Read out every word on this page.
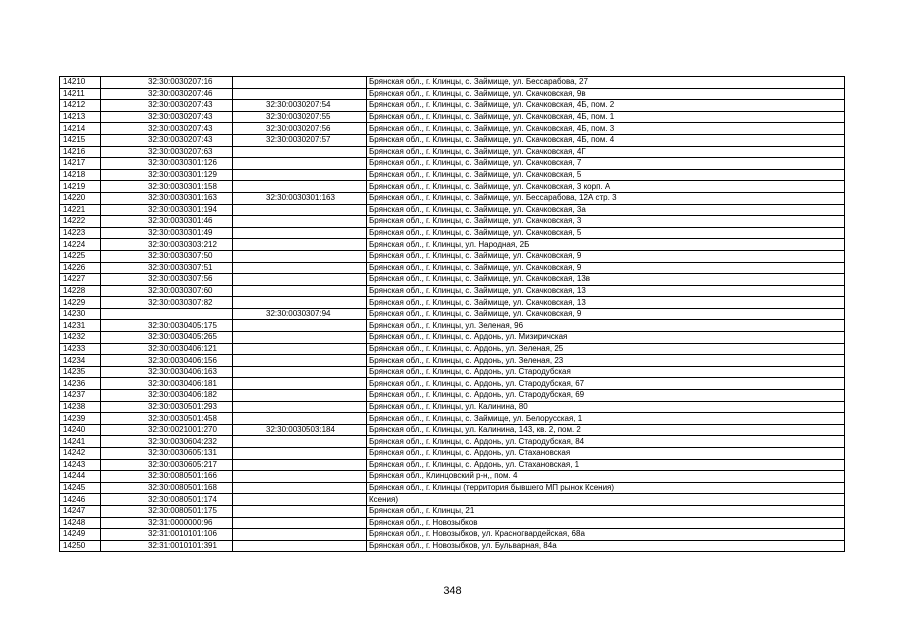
14210	32:30:0030207:16		Брянская обл., г. Клинцы, с. Займище, ул. Бессарабова, 27
14211	32:30:0030207:46		Брянская обл., г. Клинцы, с. Займище, ул. Скачковская, 9в
14212	32:30:0030207:43	32:30:0030207:54	Брянская обл., г. Клинцы, с. Займище, ул. Скачковская, 4Б, пом. 2
14213	32:30:0030207:43	32:30:0030207:55	Брянская обл., г. Клинцы, с. Займище, ул. Скачковская, 4Б, пом. 1
14214	32:30:0030207:43	32:30:0030207:56	Брянская обл., г. Клинцы, с. Займище, ул. Скачковская, 4Б, пом. 3
14215	32:30:0030207:43	32:30:0030207:57	Брянская обл., г. Клинцы, с. Займище, ул. Скачковская, 4Б, пом. 4
14216	32:30:0030207:63		Брянская обл., г. Клинцы, с. Займище, ул. Скачковская, 4Г
14217	32:30:0030301:126		Брянская обл., г. Клинцы, с. Займище, ул. Скачковская, 7
14218	32:30:0030301:129		Брянская обл., г. Клинцы, с. Займище, ул. Скачковская, 5
14219	32:30:0030301:158		Брянская обл., г. Клинцы, с. Займище, ул. Скачковская, 3 корп. А
14220	32:30:0030301:163	32:30:0030301:163	Брянская обл., г. Клинцы, с. Займище, ул. Бессарабова, 12А стр. 3
14221	32:30:0030301:194		Брянская обл., г. Клинцы, с. Займище, ул. Скачковская, 3а
14222	32:30:0030301:46		Брянская обл., г. Клинцы, с. Займище, ул. Скачковская, 3
14223	32:30:0030301:49		Брянская обл., г. Клинцы, с. Займище, ул. Скачковская, 5
14224	32:30:0030303:212		Брянская обл., г. Клинцы, ул. Народная, 2Б
14225	32:30:0030307:50		Брянская обл., г. Клинцы, с. Займище, ул. Скачковская, 9
14226	32:30:0030307:51		Брянская обл., г. Клинцы, с. Займище, ул. Скачковская, 9
14227	32:30:0030307:56		Брянская обл., г. Клинцы, с. Займище, ул. Скачковская, 13в
14228	32:30:0030307:60		Брянская обл., г. Клинцы, с. Займище, ул. Скачковская, 13
14229	32:30:0030307:82		Брянская обл., г. Клинцы, с. Займище, ул. Скачковская, 13
14230		32:30:0030307:94	Брянская обл., г. Клинцы, с. Займище, ул. Скачковская, 9
14231	32:30:0030405:175		Брянская обл., г. Клинцы, ул. Зеленая, 96
14232	32:30:0030405:265		Брянская обл., г. Клинцы, с. Ардонь, ул. Мизиричская
14233	32:30:0030406:121		Брянская обл., г. Клинцы, с. Ардонь, ул. Зеленая, 25
14234	32:30:0030406:156		Брянская обл., г. Клинцы, с. Ардонь, ул. Зеленая, 23
14235	32:30:0030406:163		Брянская обл., г. Клинцы, с. Ардонь, ул. Стародубская
14236	32:30:0030406:181		Брянская обл., г. Клинцы, с. Ардонь, ул. Стародубская, 67
14237	32:30:0030406:182		Брянская обл., г. Клинцы, с. Ардонь, ул. Стародубская, 69
14238	32:30:0030501:293		Брянская обл., г. Клинцы, ул. Калинина, 80
14239	32:30:0030501:458		Брянская обл., г. Клинцы, с. Займище, ул. Белорусская, 1
14240	32:30:0021001:270	32:30:0030503:184	Брянская обл., г. Клинцы, ул. Калинина, 143, кв. 2, пом. 2
14241	32:30:0030604:232		Брянская обл., г. Клинцы, с. Ардонь, ул. Стародубская, 84
14242	32:30:0030605:131		Брянская обл., г. Клинцы, с. Ардонь, ул. Стахановская
14243	32:30:0030605:217		Брянская обл., г. Клинцы, с. Ардонь, ул. Стахановская, 1
14244	32:30:0080501:166		Брянская обл., Клинцовский р-н,, пом. 4
14245	32:30:0080501:168		Брянская обл., г. Клинцы (территория бывшего МП рынок Ксения)
14246	32:30:0080501:174		Ксения)
14247	32:30:0080501:175		Брянская обл., г. Клинцы, 21
14248	32:31:0000000:96		Брянская обл., г. Новозыбков
14249	32:31:0010101:106		Брянская обл., г. Новозыбков, ул. Красногвардейская, 68а
14250	32:31:0010101:391		Брянская обл., г. Новозыбков, ул. Бульварная, 84а
348
